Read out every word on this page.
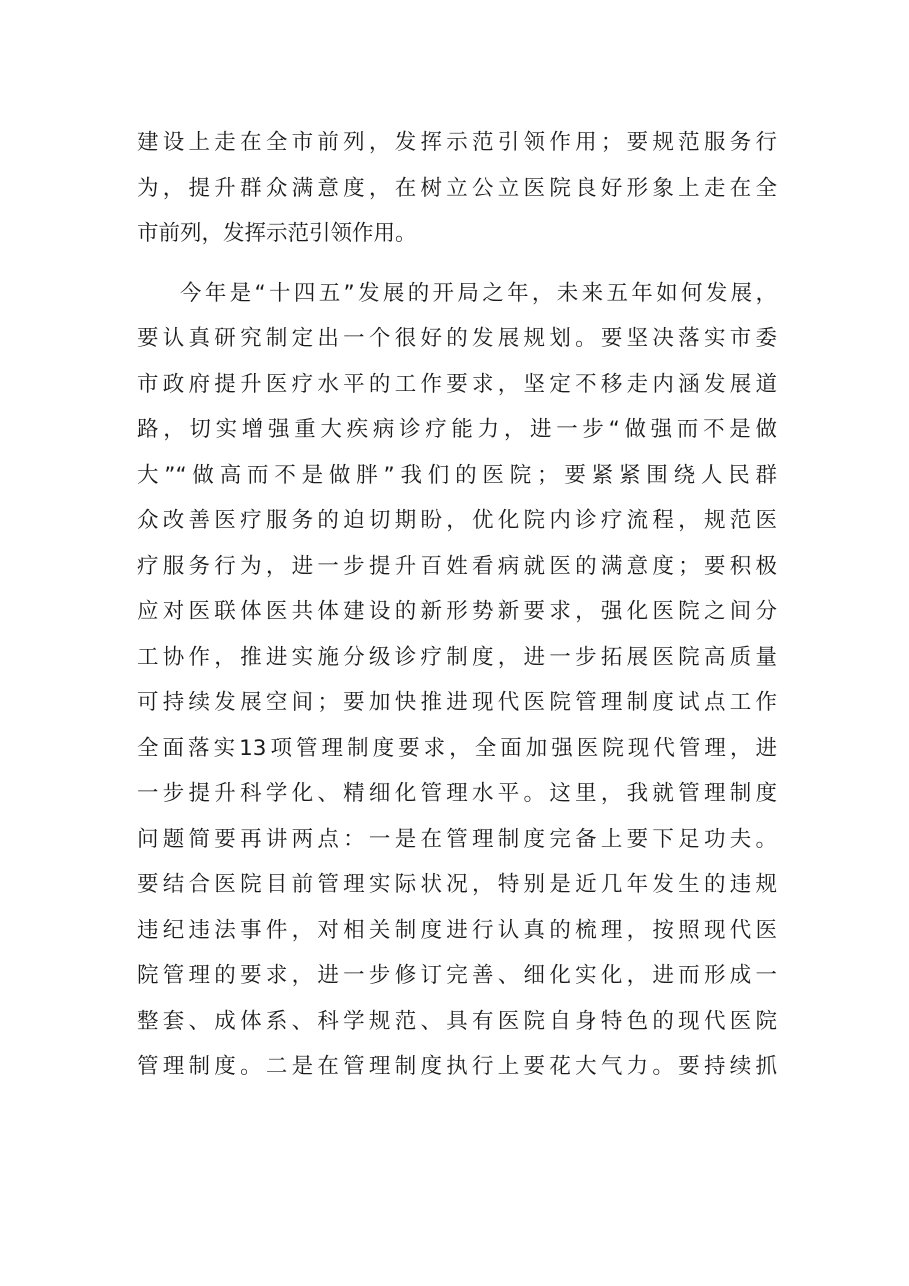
建设上走在全市前列，发挥示范引领作用；要规范服务行
为，提升群众满意度，在树立公立医院良好形象上走在全
市前列，发挥示范引领作用。
今年是“十四五”发展的开局之年，未来五年如何发展，
要认真研究制定出一个很好的发展规划。要坚决落实市委
市政府提升医疗水平的工作要求，坚定不移走内涵发展道
路，切实增强重大疾病诊疗能力，进一步“做强而不是做
大”“做高而不是做胖”我们的医院；要紧紧围绕人民群
众改善医疗服务的迫切期盼，优化院内诊疗流程，规范医
疗服务行为，进一步提升百姓看病就医的满意度；要积极
应对医联体医共体建设的新形势新要求，强化医院之间分
工协作，推进实施分级诊疗制度，进一步拓展医院高质量
可持续发展空间；要加快推进现代医院管理制度试点工作
全面落实13项管理制度要求，全面加强医院现代管理，进
一步提升科学化、精细化管理水平。这里，我就管理制度
问题简要再讲两点：一是在管理制度完备上要下足功夫。
要结合医院目前管理实际状况，特别是近几年发生的违规
违纪违法事件，对相关制度进行认真的梳理，按照现代医
院管理的要求，进一步修订完善、细化实化，进而形成一
整套、成体系、科学规范、具有医院自身特色的现代医院
管理制度。二是在管理制度执行上要花大气力。要持续抓
